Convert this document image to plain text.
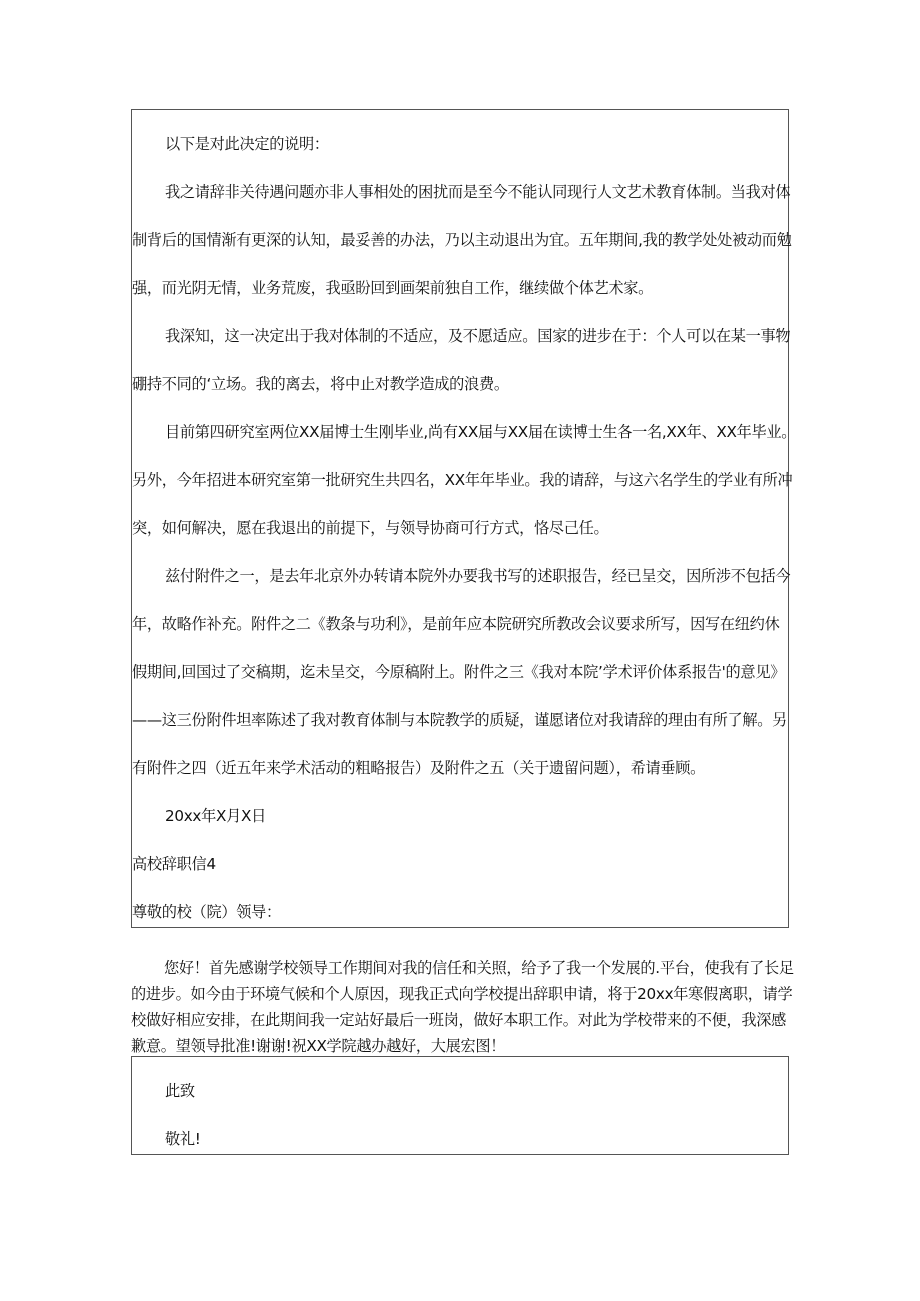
以下是对此决定的说明：
我之请辞非关待遇问题亦非人事相处的困扰而是至今不能认同现行人文艺术教育体制。当我对体
制背后的国情渐有更深的认知，最妥善的办法，乃以主动退出为宜。五年期间,我的教学处处被动而勉
强，而光阴无情，业务荒废，我亟盼回到画架前独自工作，继续做个体艺术家。
我深知，这一决定出于我对体制的不适应，及不愿适应。国家的进步在于：个人可以在某一事物
硼持不同的‘立场。我的离去，将中止对教学造成的浪费。
目前第四研究室两位XX届博士生刚毕业,尚有XX届与XX届在读博士生各一名,XX年、XX年毕业。
另外，今年招进本研究室第一批研究生共四名，XX年年毕业。我的请辞，与这六名学生的学业有所冲
突，如何解决，愿在我退出的前提下，与领导协商可行方式，恪尽己任。
兹付附件之一，是去年北京外办转请本院外办要我书写的述职报告，经已呈交，因所涉不包括今
年，故略作补充。附件之二《教条与功利》，是前年应本院研究所教改会议要求所写，因写在纽约休
假期间,回国过了交稿期，迄未呈交，今原稿附上。附件之三《我对本院’学术评价体系报告'的意见》
——这三份附件坦率陈述了我对教育体制与本院教学的质疑，谨愿诸位对我请辞的理由有所了解。另
有附件之四（近五年来学术活动的粗略报告）及附件之五（关于遗留问题），希请垂顾。
20xx年X月X日
高校辞职信4
尊敬的校（院）领导：
您好！首先感谢学校领导工作期间对我的信任和关照，给予了我一个发展的.平台，使我有了长足
的进步。如今由于环境气候和个人原因，现我正式向学校提出辞职申请，将于20xx年寒假离职，请学
校做好相应安排，在此期间我一定站好最后一班岗，做好本职工作。对此为学校带来的不便，我深感
歉意。望领导批准!谢谢!祝XX学院越办越好，大展宏图！
此致
敬礼!
